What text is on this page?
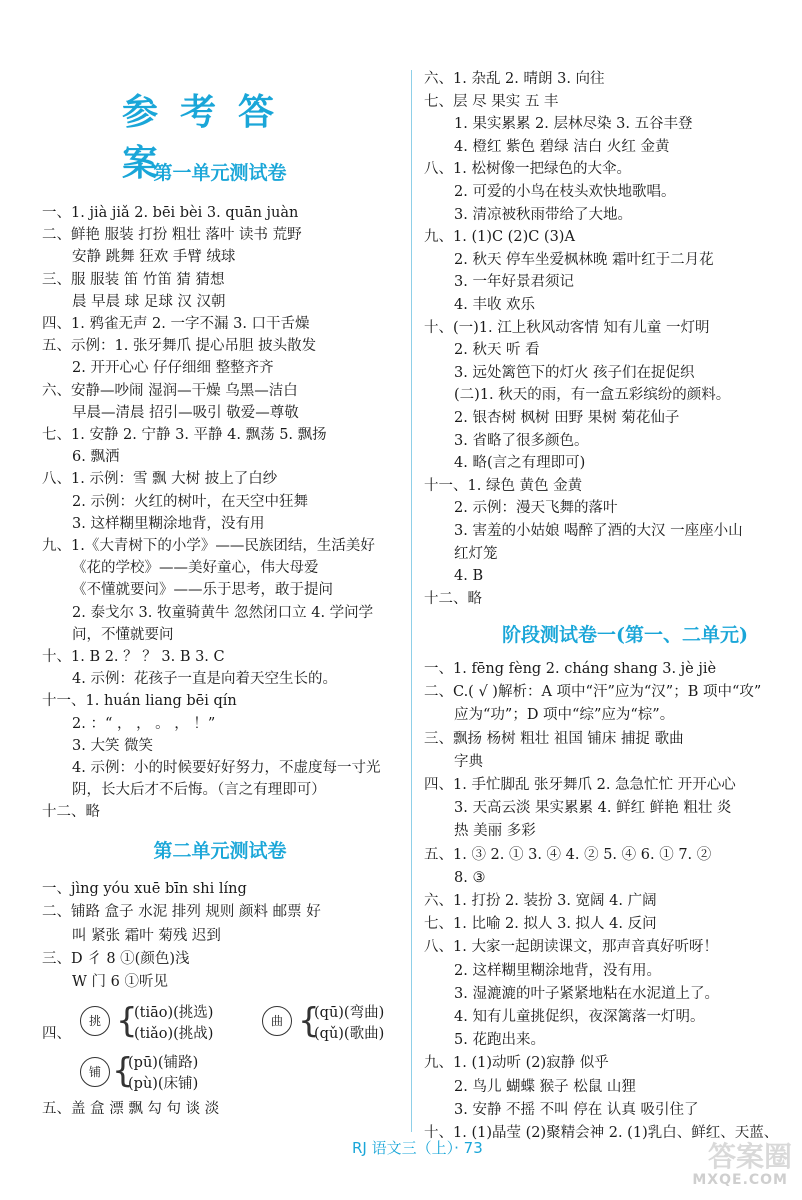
参考答案
第一单元测试卷
一、1. jià jiǎ 2. bēi bèi 3. quān juàn
二、鲜艳 服装 打扮 粗壮 落叶 读书 荒野
安静 跳舞 狂欢 手臂 绒球
三、服 服装 笛 竹笛 猜 猜想
晨 早晨 球 足球 汉 汉朝
四、1. 鸦雀无声 2. 一字不漏 3. 口干舌燥
五、示例：1. 张牙舞爪 提心吊胆 披头散发
2. 开开心心 仔仔细细 整整齐齐
六、安静—吵闹 湿润—干燥 乌黑—洁白
早晨—清晨 招引—吸引 敬爱—尊敬
七、1. 安静 2. 宁静 3. 平静 4. 飘荡 5. 飘扬
6. 飘洒
八、1. 示例：雪 飘 大树 披上了白纱
2. 示例：火红的树叶，在天空中狂舞
3. 这样糊里糊涂地背，没有用
九、1.《大青树下的小学》——民族团结，生活美好
《花的学校》——美好童心，伟大母爱
《不懂就要问》——乐于思考，敢于提问
2. 泰戈尔 3. 牧童骑黄牛 忽然闭口立 4. 学问学
问，不懂就要问
十、1. B 2. ？ ？ 3. B 3. C
4. 示例：花孩子一直是向着天空生长的。
十一、1. huán liang bēi qín
2. ：“ ， ， 。 ， ！”
3. 大笑 微笑
4. 示例：小的时候要好好努力，不虚度每一寸光
阴，长大后才不后悔。（言之有理即可）
十二、略
第二单元测试卷
一、jìng yóu xuē bīn shi líng
二、铺路 盒子 水泥 排列 规则 颜料 邮票 好
叫 紧张 霜叶 菊残 迟到
三、D 彳 8 ①(颜色)浅
W 门 6 ①听见
四、
挑 {
(tiāo)(挑选)
(tiǎo)(挑战)
曲 {
(qū)(弯曲)
(qǔ)(歌曲)
铺 {
(pū)(铺路)
(pù)(床铺)
五、盖 盒 漂 飘 勾 句 谈 淡
六、1. 杂乱 2. 晴朗 3. 向往
七、层 尽 果实 五 丰
1. 果实累累 2. 层林尽染 3. 五谷丰登
4. 橙红 紫色 碧绿 洁白 火红 金黄
八、1. 松树像一把绿色的大伞。
2. 可爱的小鸟在枝头欢快地歌唱。
3. 清凉被秋雨带给了大地。
九、1. (1)C (2)C (3)A
2. 秋天 停车坐爱枫林晚 霜叶红于二月花
3. 一年好景君须记
4. 丰收 欢乐
十、(一)1. 江上秋风动客情 知有儿童 一灯明
2. 秋天 听 看
3. 远处篱笆下的灯火 孩子们在捉促织
(二)1. 秋天的雨，有一盒五彩缤纷的颜料。
2. 银杏树 枫树 田野 果树 菊花仙子
3. 省略了很多颜色。
4. 略(言之有理即可)
十一、1. 绿色 黄色 金黄
2. 示例：漫天飞舞的落叶
3. 害羞的小姑娘 喝醉了酒的大汉 一座座小山
红灯笼
4. B
十二、略
阶段测试卷一(第一、二单元)
一、1. fēng fèng 2. cháng shang 3. jè jiè
二、C.( √ )解析：A 项中“汗”应为“汉”；B 项中“攻”
应为“功”；D 项中“综”应为“棕”。
三、飘扬 杨树 粗壮 祖国 铺床 捕捉 歌曲
字典
四、1. 手忙脚乱 张牙舞爪 2. 急急忙忙 开开心心
3. 天高云淡 果实累累 4. 鲜红 鲜艳 粗壮 炎
热 美丽 多彩
五、1. ③ 2. ① 3. ④ 4. ② 5. ④ 6. ① 7. ②
8. ③
六、1. 打扮 2. 装扮 3. 宽阔 4. 广阔
七、1. 比喻 2. 拟人 3. 拟人 4. 反问
八、1. 大家一起朗读课文，那声音真好听呀！
2. 这样糊里糊涂地背，没有用。
3. 湿漉漉的叶子紧紧地粘在水泥道上了。
4. 知有儿童挑促织，夜深篱落一灯明。
5. 花跑出来。
九、1. (1)动听 (2)寂静 似乎
2. 鸟儿 蝴蝶 猴子 松鼠 山狸
3. 安静 不摇 不叫 停在 认真 吸引住了
十、1. (1)晶莹 (2)聚精会神 2. (1)乳白、鲜红、天蓝、
RJ 语文三（上）· 73	答案圈
MXQE.COM
